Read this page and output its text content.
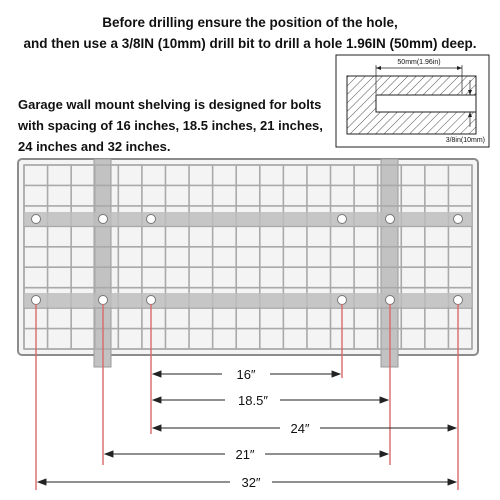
Before drilling ensure the position of the hole,
and then use a 3/8IN (10mm) drill bit to drill a hole 1.96IN (50mm) deep.
Garage wall mount shelving is designed for bolts
with spacing of 16 inches, 18.5 inches, 21 inches,
24 inches and 32 inches.
50mm(1.96in)
3/8in(10mm)
16″
18.5″
24″
21″
32″
